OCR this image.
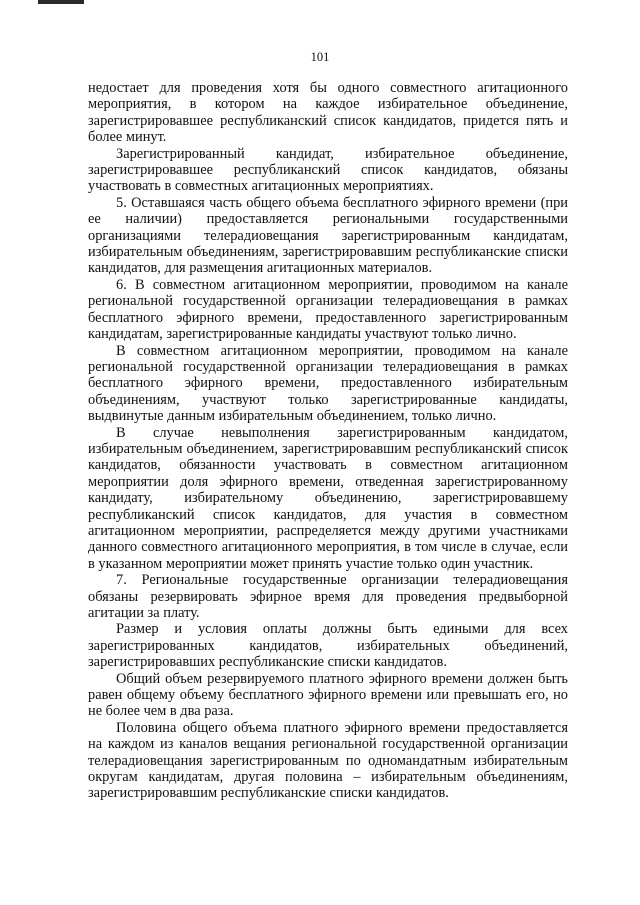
101

недостает для проведения хотя бы одного совместного агитационного мероприятия, в котором на каждое избирательное объединение, зарегистрировавшее республиканский список кандидатов, придется пять и более минут.

Зарегистрированный кандидат, избирательное объединение, зарегистрировавшее республиканский список кандидатов, обязаны участвовать в совместных агитационных мероприятиях.

5. Оставшаяся часть общего объема бесплатного эфирного времени (при ее наличии) предоставляется региональными государственными организациями телерадиовещания зарегистрированным кандидатам, избирательным объединениям, зарегистрировавшим республиканские списки кандидатов, для размещения агитационных материалов.

6. В совместном агитационном мероприятии, проводимом на канале региональной государственной организации телерадиовещания в рамках бесплатного эфирного времени, предоставленного зарегистрированным кандидатам, зарегистрированные кандидаты участвуют только лично.

В совместном агитационном мероприятии, проводимом на канале региональной государственной организации телерадиовещания в рамках бесплатного эфирного времени, предоставленного избирательным объединениям, участвуют только зарегистрированные кандидаты, выдвинутые данным избирательным объединением, только лично.

В случае невыполнения зарегистрированным кандидатом, избирательным объединением, зарегистрировавшим республиканский список кандидатов, обязанности участвовать в совместном агитационном мероприятии доля эфирного времени, отведенная зарегистрированному кандидату, избирательному объединению, зарегистрировавшему республиканский список кандидатов, для участия в совместном агитационном мероприятии, распределяется между другими участниками данного совместного агитационного мероприятия, в том числе в случае, если в указанном мероприятии может принять участие только один участник.

7. Региональные государственные организации телерадиовещания обязаны резервировать эфирное время для проведения предвыборной агитации за плату.

Размер и условия оплаты должны быть едиными для всех зарегистрированных кандидатов, избирательных объединений, зарегистрировавших республиканские списки кандидатов.

Общий объем резервируемого платного эфирного времени должен быть равен общему объему бесплатного эфирного времени или превышать его, но не более чем в два раза.

Половина общего объема платного эфирного времени предоставляется на каждом из каналов вещания региональной государственной организации телерадиовещания зарегистрированным по одномандатным избирательным округам кандидатам, другая половина – избирательным объединениям, зарегистрировавшим республиканские списки кандидатов.
